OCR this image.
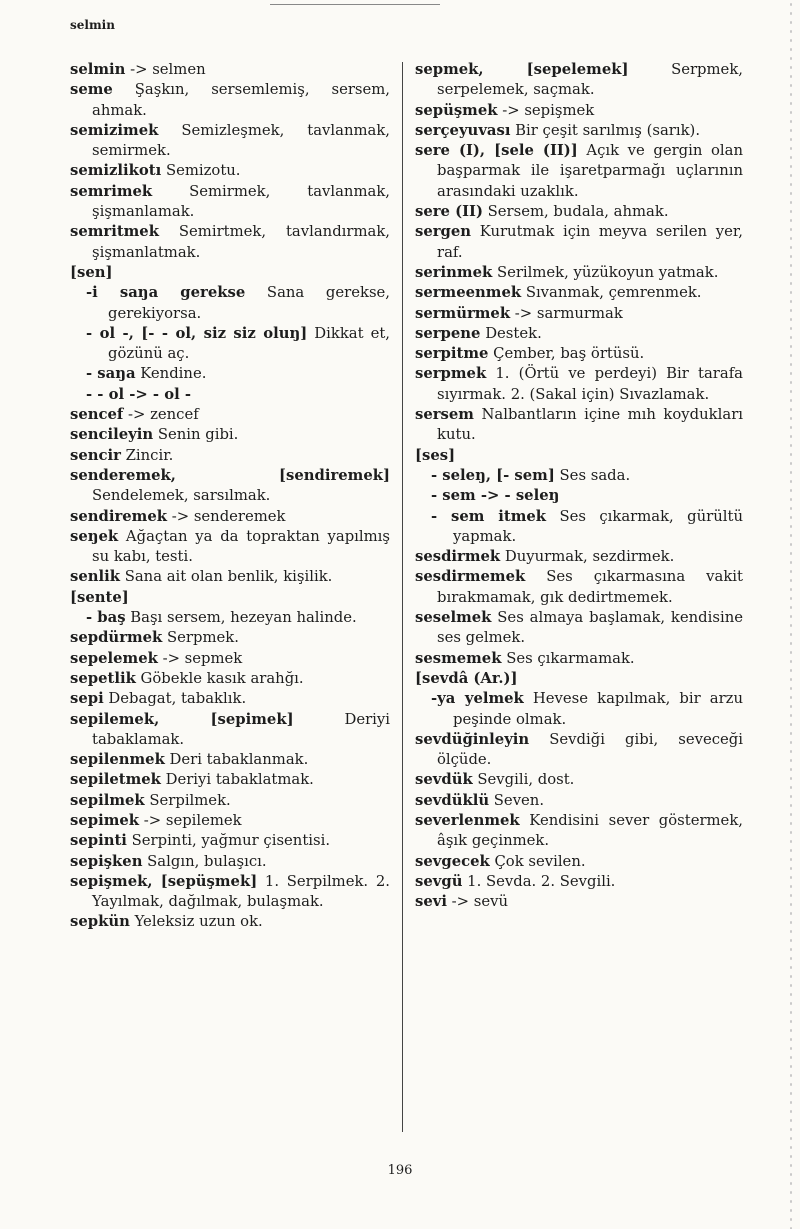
selmin

selmin -> selmen

seme Şaşkın, sersemlemiş, sersem, ahmak.

semizimek Semizleşmek, tavlanmak, semirmek.

semizlikotı Semizotu.

semrimek Semirmek, tavlanmak, şişmanlamak.

semritmek Semirtmek, tavlandırmak, şişmanlatmak.

[sen]

-i saŋa gerekse Sana gerekse, gerekiyorsa.

- ol -, [- - ol, siz siz oluŋ] Dikkat et, gözünü aç.

- saŋa Kendine.

- - ol -> - ol -

sencef -> zencef

sencileyin Senin gibi.

sencir Zincir.

senderemek, [sendiremek] Sendelemek, sarsılmak.

sendiremek -> senderemek

seŋek Ağaçtan ya da topraktan yapılmış su kabı, testi.

senlik Sana ait olan benlik, kişilik.

[sente]

- baş Başı sersem, hezeyan halinde.

sepdürmek Serpmek.

sepelemek -> sepmek

sepetlik Göbekle kasık arahğı.

sepi Debagat, tabaklık.

sepilemek, [sepimek] Deriyi tabaklamak.

sepilenmek Deri tabaklanmak.

sepiletmek Deriyi tabaklatmak.

sepilmek Serpilmek.

sepimek -> sepilemek

sepinti Serpinti, yağmur çisentisi.

sepişken Salgın, bulaşıcı.

sepişmek, [sepüşmek] 1. Serpilmek. 2. Yayılmak, dağılmak, bulaşmak.

sepkün Yeleksiz uzun ok.

sepmek, [sepelemek] Serpmek, serpelemek, saçmak.

sepüşmek -> sepişmek

serçeyuvası Bir çeşit sarılmış (sarık).

sere (I), [sele (II)] Açık ve gergin olan başparmak ile işaretparmağı uçlarının arasındaki uzaklık.

sere (II) Sersem, budala, ahmak.

sergen Kurutmak için meyva serilen yer, raf.

serinmek Serilmek, yüzükoyun yatmak.

sermeenmek Sıvanmak, çemrenmek.

sermürmek -> sarmurmak

serpene Destek.

serpitme Çember, baş örtüsü.

serpmek 1. (Örtü ve perdeyi) Bir tarafa sıyırmak. 2. (Sakal için) Sıvazlamak.

sersem Nalbantların içine mıh koydukları kutu.

[ses]

- seleŋ, [- sem] Ses sada.

- sem -> - seleŋ

- sem itmek Ses çıkarmak, gürültü yapmak.

sesdirmek Duyurmak, sezdirmek.

sesdirmemek Ses çıkarmasına vakit bırakmamak, gık dedirtmemek.

seselmek Ses almaya başlamak, kendisine ses gelmek.

sesmemek Ses çıkarmamak.

[sevdâ (Ar.)]

-ya yelmek Hevese kapılmak, bir arzu peşinde olmak.

sevdüğinleyin Sevdiği gibi, seveceği ölçüde.

sevdük Sevgili, dost.

sevdüklü Seven.

severlenmek Kendisini sever göstermek, âşık geçinmek.

sevgecek Çok sevilen.

sevgü 1. Sevda. 2. Sevgili.

sevi -> sevü

196
